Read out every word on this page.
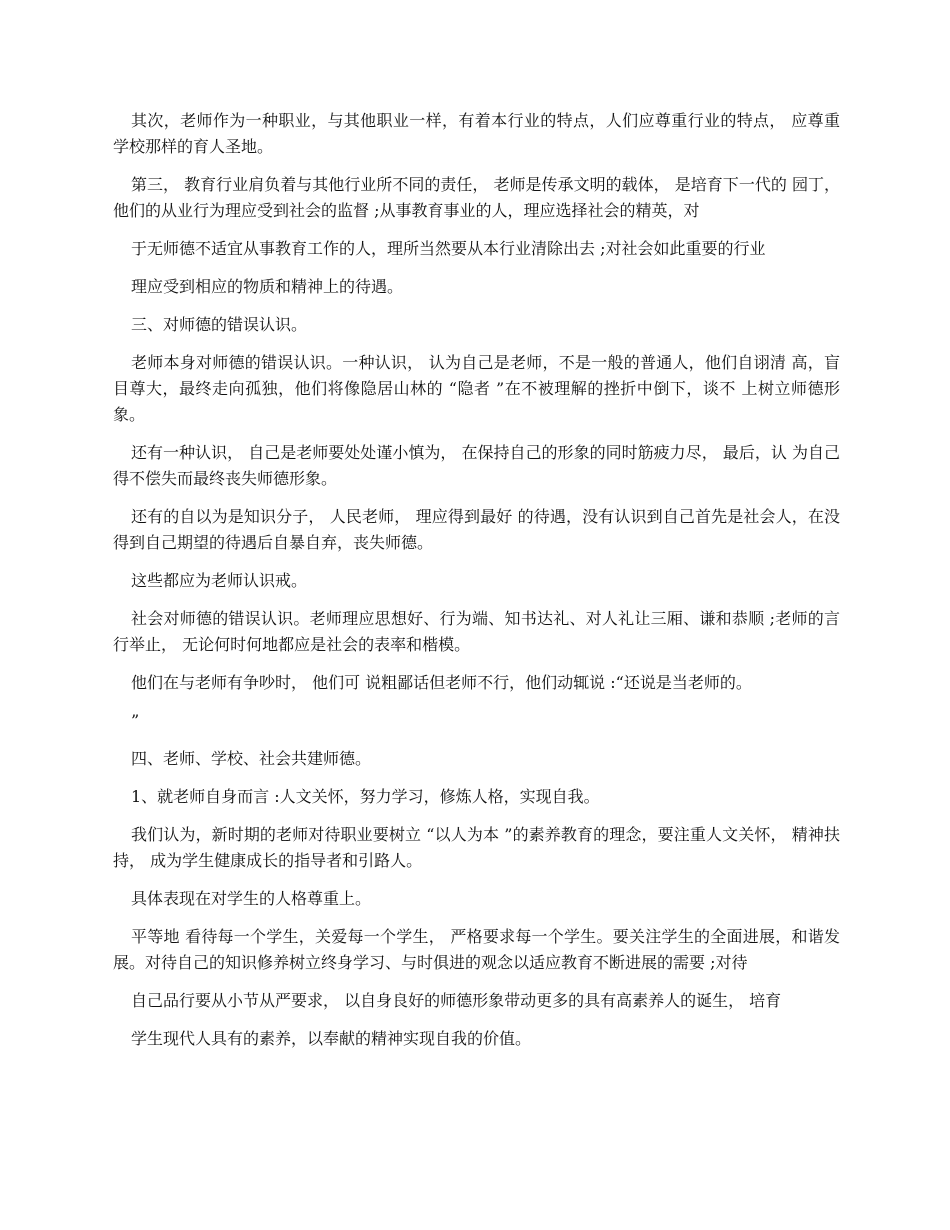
其次，老师作为一种职业，与其他职业一样，有着本行业的特点，人们应尊重行业的特点， 应尊重学校那样的育人圣地。

第三， 教育行业肩负着与其他行业所不同的责任， 老师是传承文明的载体， 是培育下一代的 园丁，他们的从业行为理应受到社会的监督 ;从事教育事业的人，理应选择社会的精英，对

于无师德不适宜从事教育工作的人，理所当然要从本行业清除出去 ;对社会如此重要的行业

理应受到相应的物质和精神上的待遇。

三、对师德的错误认识。

老师本身对师德的错误认识。一种认识， 认为自己是老师，不是一般的普通人，他们自诩清 高，盲目尊大，最终走向孤独，他们将像隐居山林的 “隐者 ”在不被理解的挫折中倒下，谈不 上树立师德形象。

还有一种认识， 自己是老师要处处谨小慎为， 在保持自己的形象的同时筋疲力尽， 最后，认 为自己得不偿失而最终丧失师德形象。

还有的自以为是知识分子， 人民老师， 理应得到最好 的待遇，没有认识到自己首先是社会人，在没得到自己期望的待遇后自暴自弃，丧失师德。

这些都应为老师认识戒。

社会对师德的错误认识。老师理应思想好、行为端、知书达礼、对人礼让三厢、谦和恭顺 ;老师的言行举止， 无论何时何地都应是社会的表率和楷模。

他们在与老师有争吵时， 他们可 说粗鄙话但老师不行，他们动辄说 :“还说是当老师的。

”

四、老师、学校、社会共建师德。

1、就老师自身而言 :人文关怀，努力学习，修炼人格，实现自我。

我们认为，新时期的老师对待职业要树立 “以人为本 ”的素养教育的理念，要注重人文关怀， 精神扶持， 成为学生健康成长的指导者和引路人。

具体表现在对学生的人格尊重上。

平等地 看待每一个学生，关爱每一个学生， 严格要求每一个学生。要关注学生的全面进展，和谐发 展。对待自己的知识修养树立终身学习、与时俱进的观念以适应教育不断进展的需要 ;对待

自己品行要从小节从严要求， 以自身良好的师德形象带动更多的具有高素养人的诞生， 培育

学生现代人具有的素养，以奉献的精神实现自我的价值。
